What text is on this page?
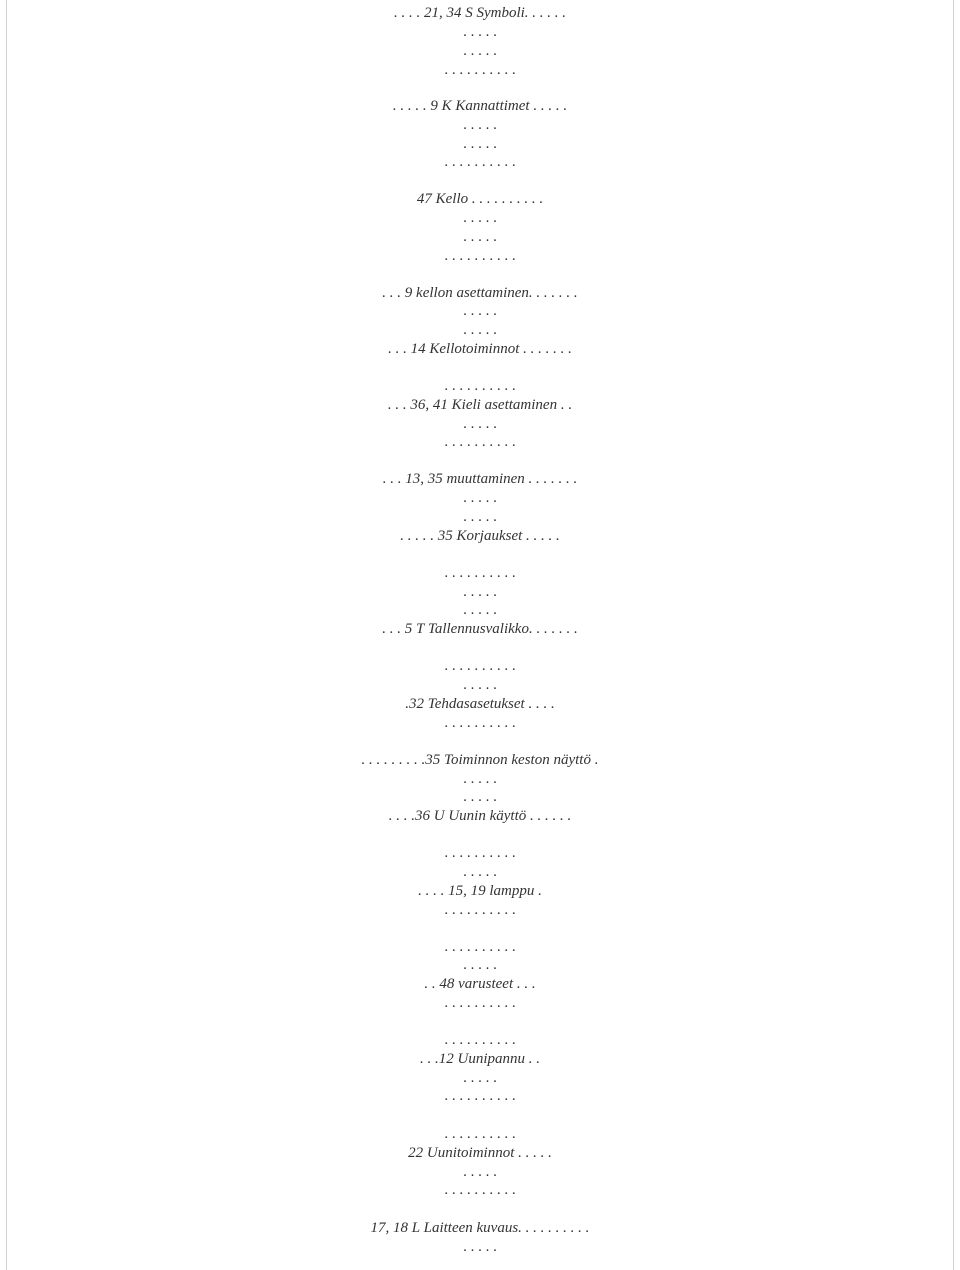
. . . . 21, 34 S Symboli. . . . . .
. . . . .
. . . . .
. . . . . . . . . .
. . . . . 9 K Kannattimet . . . . .
. . . . .
. . . . .
. . . . . . . . . .
47 Kello . . . . . . . . . .
. . . . .
. . . . .
. . . . . . . . . .
. . . 9 kellon asettaminen. . . . . . .
. . . . .
. . . . .
. . . 14 Kellotoiminnot . . . . . . .
. . . . . . . . . .
. . . 36, 41 Kieli asettaminen . .
. . . . .
. . . . . . . . . .
. . . 13, 35 muuttaminen . . . . . . .
. . . . .
. . . . .
. . . . . 35 Korjaukset . . . . .
. . . . . . . . . .
. . . . .
. . . . .
. . . 5 T Tallennusvalikko. . . . . . .
. . . . . . . . . .
. . . . .
.32 Tehdasasetukset . . . .
. . . . . . . . . .
. . . . . . . . .35 Toiminnon keston näyttö .
. . . . .
. . . . .
. . . .36 U Uunin käyttö . . . . . .
. . . . . . . . . .
. . . . .
. . . . 15, 19 lamppu .
. . . . . . . . . .
. . . . . . . . . .
. . . . .
. . 48 varusteet . . .
. . . . . . . . . .
. . . . . . . . . .
. . .12 Uunipannu . .
. . . . .
. . . . . . . . . .
. . . . . . . . . .
22 Uunitoiminnot . . . . .
. . . . .
. . . . . . . . . .
17, 18 L Laitteen kuvaus. . . . . . . . . .
. . . . .
